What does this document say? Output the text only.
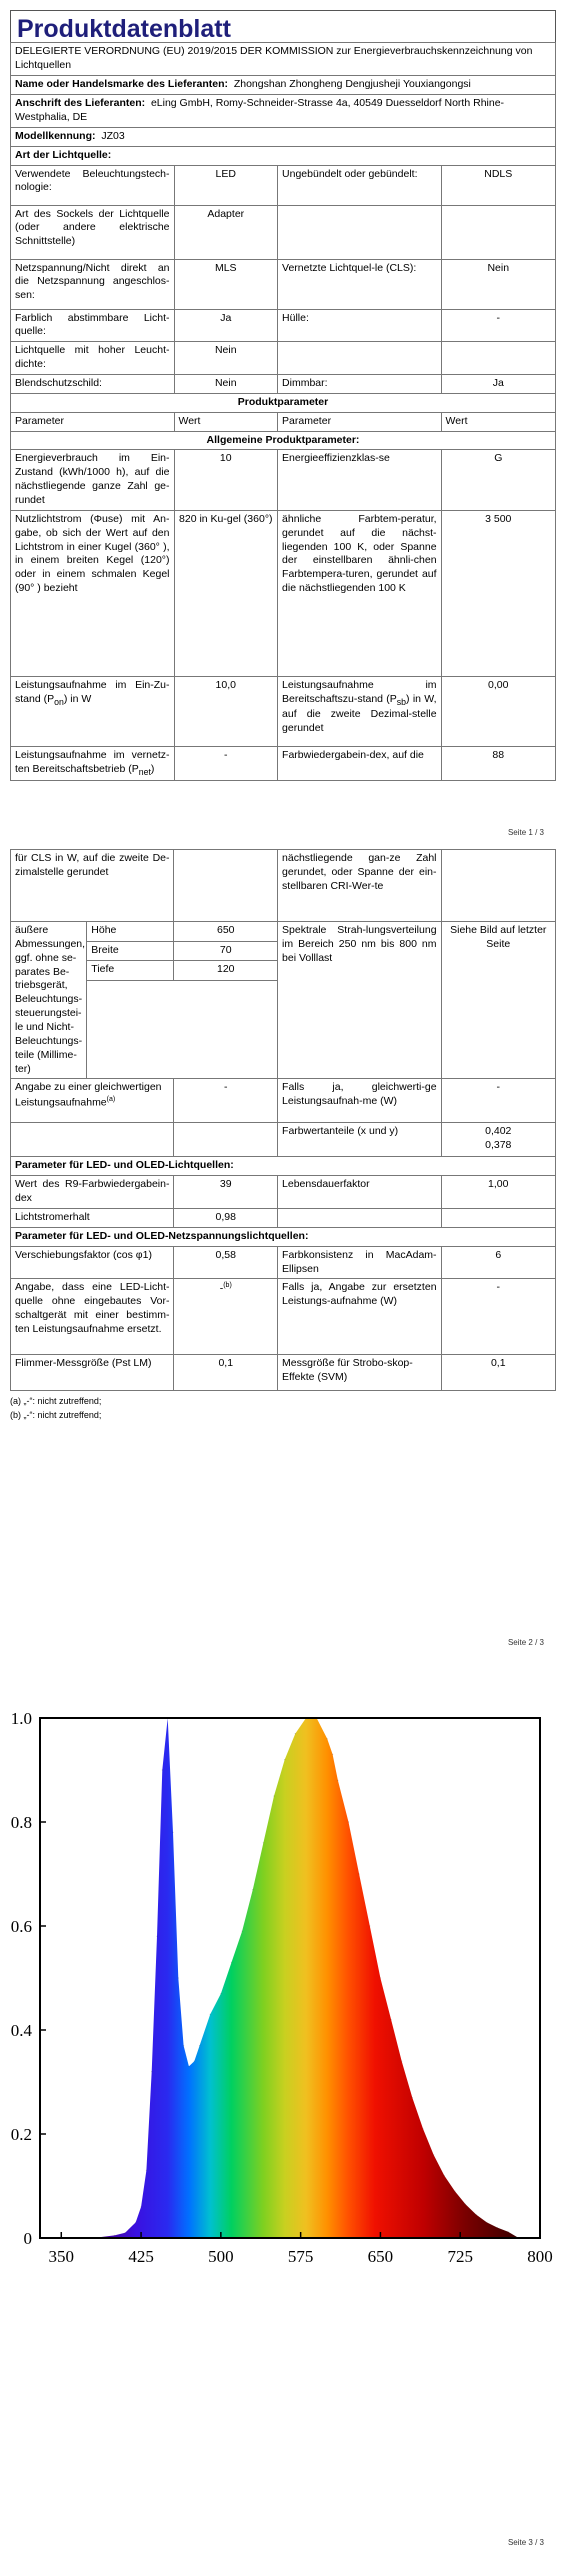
Produktdatenblatt
DELEGIERTE VERORDNUNG (EU) 2019/2015 DER KOMMISSION zur Energieverbrauchskennzeichnung von Lichtquellen			
Name oder Handelsmarke des Lieferanten: Zhongshan Zhongheng Dengjusheji Youxiangongsi			
Anschrift des Lieferanten: eLing GmbH, Romy-Schneider-Strasse 4a, 40549 Duesseldorf North Rhine-Westphalia, DE			
Modellkennung: JZ03			
Art der Lichtquelle:			
Verwendete Beleuchtungstech-nologie:	LED	Ungebündelt oder gebündelt:	NDLS
Art des Sockels der Lichtquelle (oder andere elektrische Schnittstelle)	Adapter		
Netzspannung/Nicht direkt an die Netzspannung angeschlos-sen:	MLS	Vernetzte Lichtquel-le (CLS):	Nein
Farblich abstimmbare Licht-quelle:	Ja	Hülle:	-
Lichtquelle mit hoher Leucht-dichte:	Nein		
Blendschutzschild:	Nein	Dimmbar:	Ja
Produktparameter			
Parameter	Wert	Parameter	Wert
Allgemeine Produktparameter:			
Energieverbrauch im Ein-Zustand (kWh/1000 h), auf die nächstliegende ganze Zahl ge-rundet	10	Energieeffizienzklas-se	G
Nutzlichtstrom (Φuse) mit An-gabe, ob sich der Wert auf den Lichtstrom in einer Kugel (360° ), in einem breiten Kegel (120°) oder in einem schmalen Kegel (90° ) bezieht	820 in Ku-gel (360°)	ähnliche Farbtem-peratur, gerundet auf die nächst-liegenden 100 K, oder Spanne der einstellbaren ähnli-chen Farbtempera-turen, gerundet auf die nächstliegenden 100 K	3 500
Leistungsaufnahme im Ein-Zu-stand $(P_{on})$ in W	10,0	Leistungsaufnahme im Bereitschaftszu-stand $(P_{sb})$ in W, auf die zweite Dezimal-stelle gerundet	0,00
Leistungsaufnahme im vernetz-ten Bereitschaftsbetrieb $(P_{net})$	-	Farbwiedergabein-dex, auf die	88
Seite 1 / 3
für CLS in W, auf die zweite De-zimalstelle gerundet			nächstliegende gan-ze Zahl gerundet, oder Spanne der ein-stellbaren CRI-Wer-te	
äußere Abmessungen, ggf. ohne se-parates Be-triebsgerät, Beleuchtungs-steuerungstei-le und Nicht-Beleuchtungs-teile (Millime-ter)	Höhe	650	Spektrale Strah-lungsverteilung im Bereich 250 nm bis 800 nm bei Volllast	Siehe Bild auf letzter Seite
	Breite	70		
	Tiefe	120		

Angabe zu einer gleichwertigen Leistungsaufnahme$^{(a)}$		-	Falls ja, gleichwerti-ge Leistungsaufnah-me (W)	-
			Farbwertanteile (x und y)	0,402
0,378

Parameter für LED- und OLED-Lichtquellen:				
Wert des R9-Farbwiedergabein-dex		39	Lebensdauerfaktor	1,00
Lichtstromerhalt		0,98		
Parameter für LED- und OLED-Netzspannungslichtquellen:				
Verschiebungsfaktor (cos φ1)		0,58	Farbkonsistenz in MacAdam-Ellipsen	6
Angabe, dass eine LED-Licht-quelle ohne eingebautes Vor-schaltgerät mit einer bestimm-ten Leistungsaufnahme ersetzt.		-$^{(b)}$	Falls ja, Angabe zur ersetzten Leistungs-aufnahme (W)	-
Flimmer-Messgröße (Pst LM)		0,1	Messgröße für Strobo-skop-Effekte (SVM)	0,1
(a) „-“: nicht zutreffend;
(b) „-“: nicht zutreffend;
Seite 2 / 3
0
0.2
0.4
0.6
0.8
1.0
350	425	500	575	650	725	800
Seite 3 / 3
